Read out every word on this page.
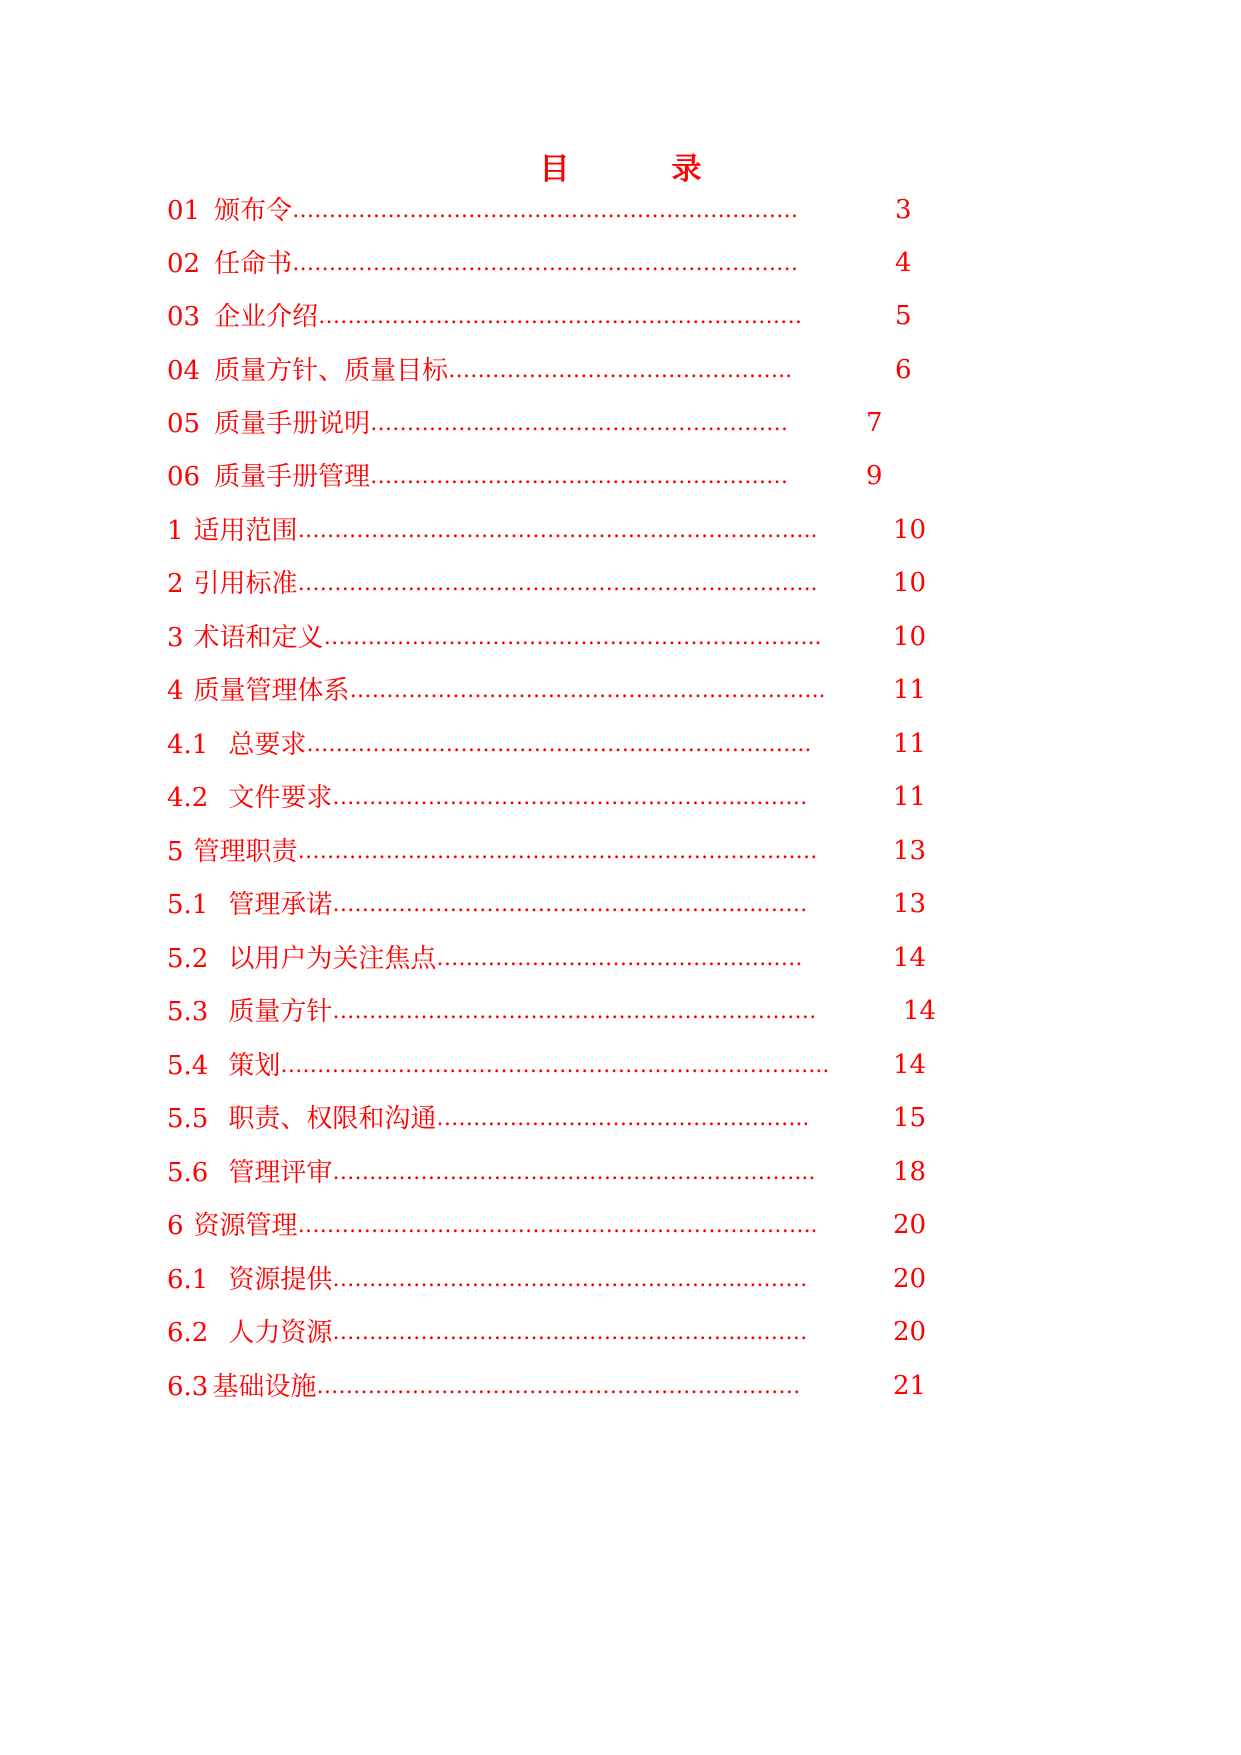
目　录
01 颁布令……………………………………………………………	3
02 任命书……………………………………………………………	4
03 企业介绍…………………………………………………………	5
04 质量方针、质量目标………………………………………..	6
05 质量手册说明…………………………………………………	7
06 质量手册管理…………………………………………………	9
1 适用范围……………………………………………………………..	10
2 引用标准……………………………………………………………..	10
3 术语和定义…………………………………………………………..	10
4 质量管理体系………………………………………………………..	11
4.1 总要求…………………………………………………………...	11
4.2 文件要求……………………………………………….....……	11
5 管理职责…………………………………………………………..…	13
5.1 管理承诺……………………………………………….....……	13
5.2 以用户为关注焦点……………………………………….….	14
5.3 质量方针…………………………………………………………	14
5.4 策划………………………………………………………………...	14
5.5 职责、权限和沟通…………………………………………...	15
5.6 管理评审………………………………………………………...	18
6 资源管理……………………………………………………………..	20
6.1 资源提供……………………………………………….....……	20
6.2 人力资源……………………………………………….....……	20
6.3 基础设施…………………………………………………………	21
